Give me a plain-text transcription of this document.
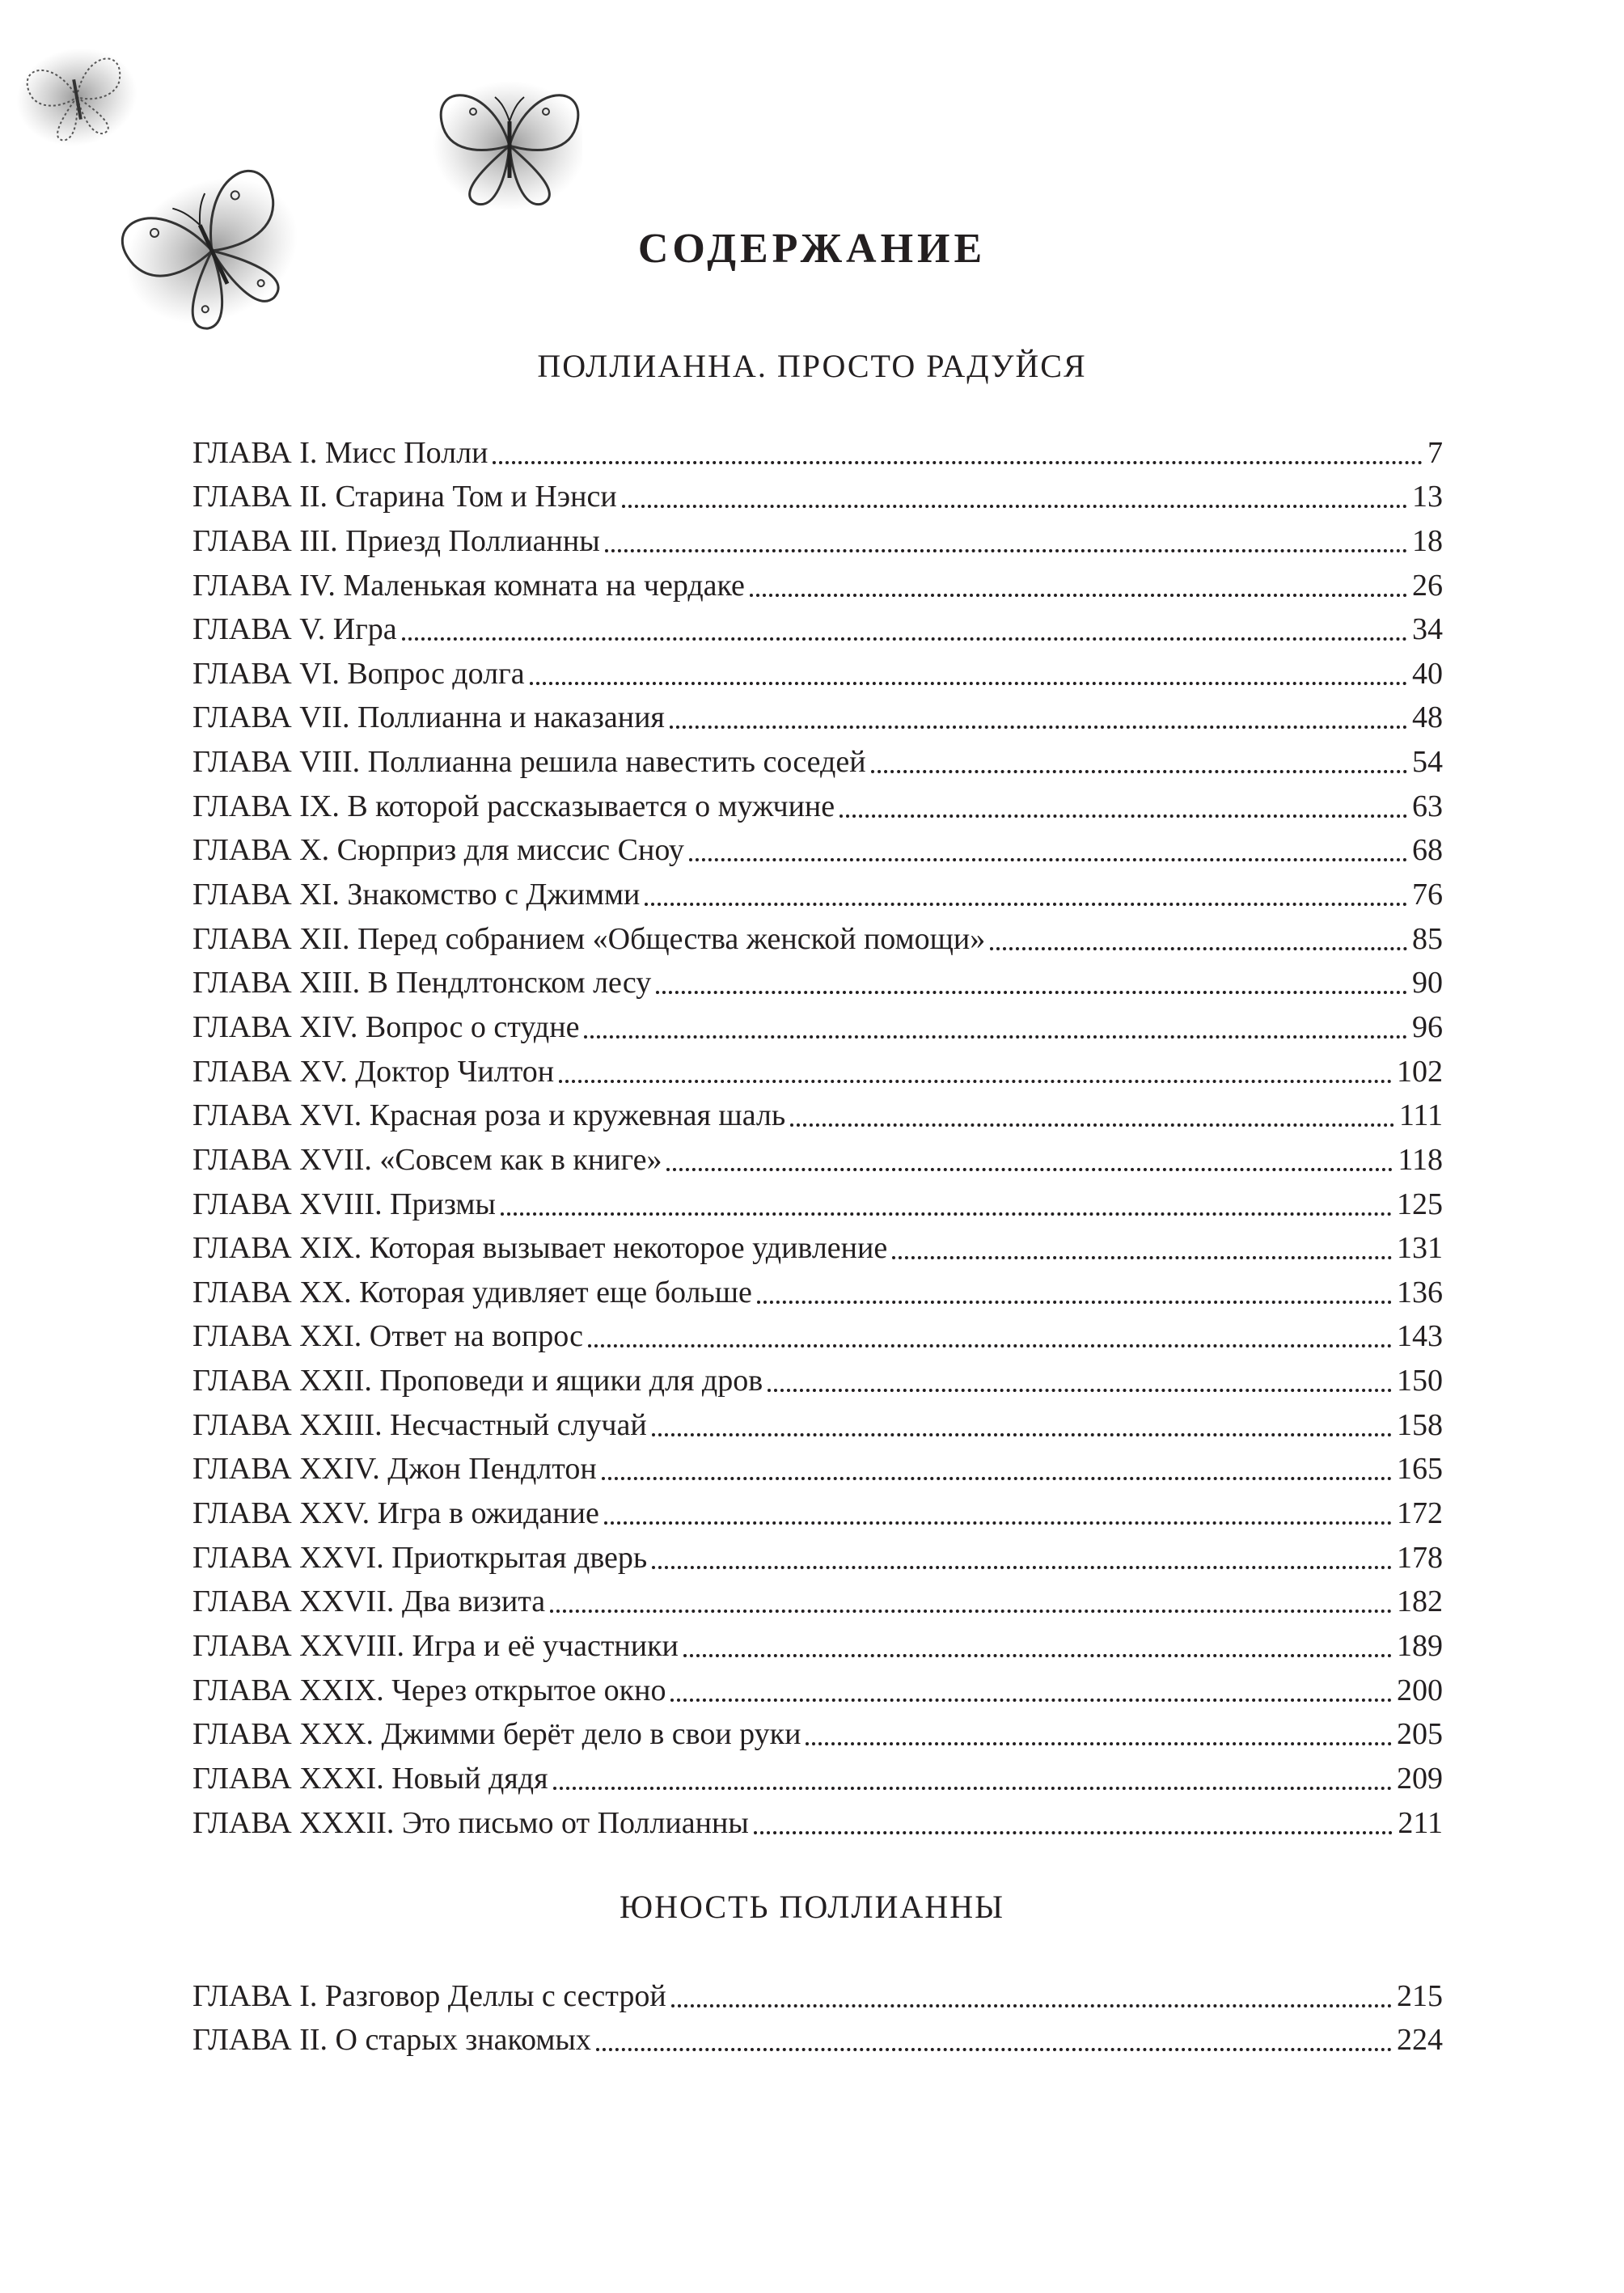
СОДЕРЖАНИЕ
ПОЛЛИАННА. ПРОСТО РАДУЙСЯ
ГЛАВА I. Мисс Полли	7
ГЛАВА II. Старина Том и Нэнси	13
ГЛАВА III. Приезд Поллианны	18
ГЛАВА IV. Маленькая комната на чердаке	26
ГЛАВА V. Игра	34
ГЛАВА VI. Вопрос долга	40
ГЛАВА VII. Поллианна и наказания	48
ГЛАВА VIII. Поллианна решила навестить соседей	54
ГЛАВА IX. В которой рассказывается о мужчине	63
ГЛАВА X. Сюрприз для миссис Сноу	68
ГЛАВА XI. Знакомство с Джимми	76
ГЛАВА XII. Перед собранием «Общества женской помощи»	85
ГЛАВА XIII. В Пендлтонском лесу	90
ГЛАВА XIV. Вопрос о студне	96
ГЛАВА XV. Доктор Чилтон	102
ГЛАВА XVI. Красная роза и кружевная шаль	111
ГЛАВА XVII. «Совсем как в книге»	118
ГЛАВА XVIII. Призмы	125
ГЛАВА XIX. Которая вызывает некоторое удивление	131
ГЛАВА XX. Которая удивляет еще больше	136
ГЛАВА XXI. Ответ на вопрос	143
ГЛАВА XXII. Проповеди и ящики для дров	150
ГЛАВА XXIII. Несчастный случай	158
ГЛАВА XXIV. Джон Пендлтон	165
ГЛАВА XXV. Игра в ожидание	172
ГЛАВА XXVI. Приоткрытая дверь	178
ГЛАВА XXVII. Два визита	182
ГЛАВА XXVIII. Игра и её участники	189
ГЛАВА XXIX. Через открытое окно	200
ГЛАВА XXX. Джимми берёт дело в свои руки	205
ГЛАВА XXXI. Новый дядя	209
ГЛАВА XXXII. Это письмо от Поллианны	211
ЮНОСТЬ ПОЛЛИАННЫ
ГЛАВА I. Разговор Деллы с сестрой	215
ГЛАВА II. О старых знакомых	224
